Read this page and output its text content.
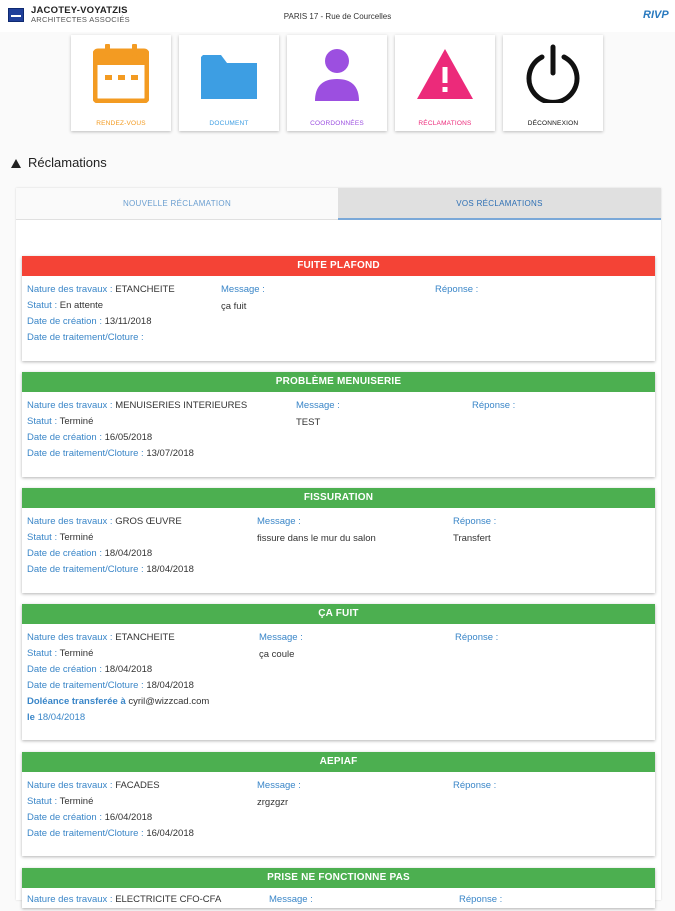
JACOTEY-VOYATZIS
ARCHITECTES ASSOCIÉS	PARIS 17 - Rue de Courcelles	RIVP
RENDEZ-VOUS	DOCUMENT	COORDONNÉES	RÉCLAMATIONS	DÉCONNEXION
Réclamations
NOUVELLE RÉCLAMATION	VOS RÉCLAMATIONS
FUITE PLAFOND
Nature des travaux : ETANCHEITE
Statut : En attente
Date de création : 13/11/2018
Date de traitement/Cloture :
Message :
ça fuit
Réponse :
PROBLÈME MENUISERIE
Nature des travaux : MENUISERIES INTERIEURES
Statut : Terminé
Date de création : 16/05/2018
Date de traitement/Cloture : 13/07/2018
Message :
TEST
Réponse :
FISSURATION
Nature des travaux : GROS ŒUVRE
Statut : Terminé
Date de création : 18/04/2018
Date de traitement/Cloture : 18/04/2018
Message :
fissure dans le mur du salon
Réponse :
Transfert
ÇA FUIT
Nature des travaux : ETANCHEITE
Statut : Terminé
Date de création : 18/04/2018
Date de traitement/Cloture : 18/04/2018
Doléance transferée à cyril@wizzcad.com
le 18/04/2018
Message :
ça coule
Réponse :
AEPIAF
Nature des travaux : FACADES
Statut : Terminé
Date de création : 16/04/2018
Date de traitement/Cloture : 16/04/2018
Message :
zrgzgzr
Réponse :
PRISE NE FONCTIONNE PAS
Nature des travaux : ELECTRICITE CFO-CFA	Message :	Réponse :
